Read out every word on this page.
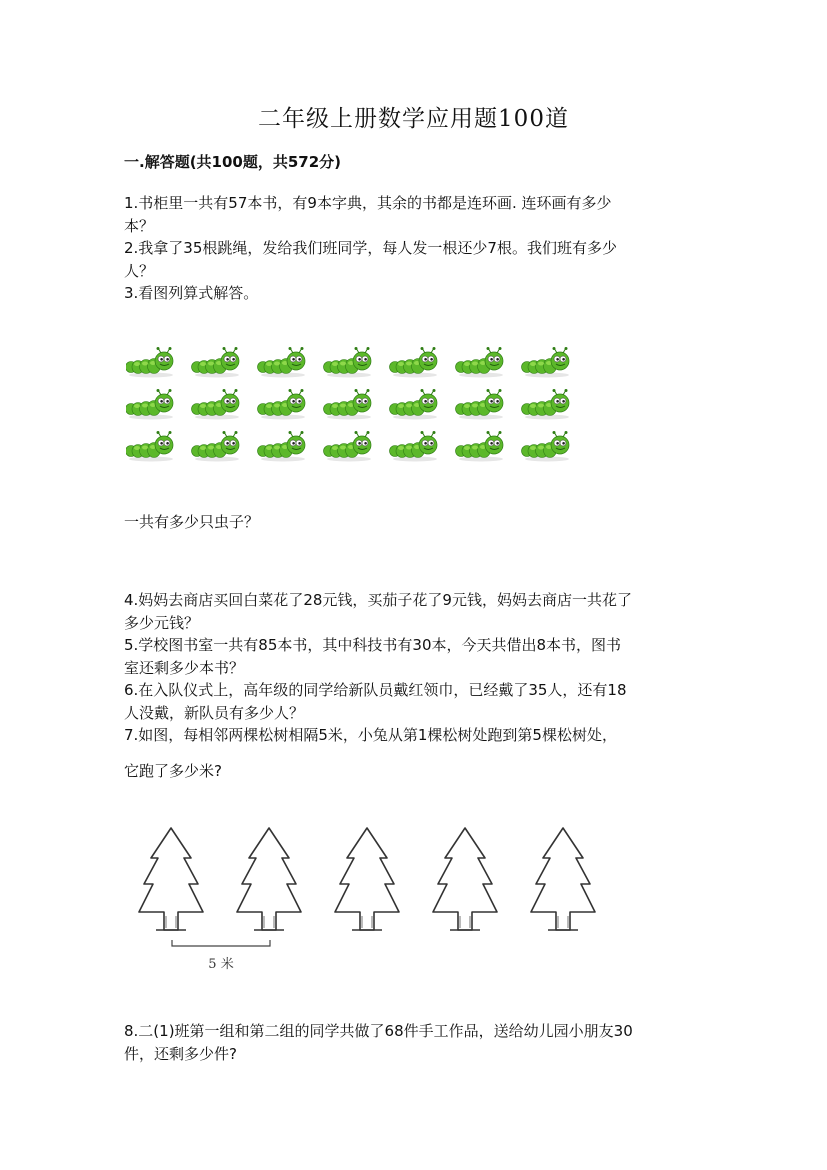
二年级上册数学应用题100道
一.解答题(共100题，共572分)
1.书柜里一共有57本书，有9本字典，其余的书都是连环画. 连环画有多少
本？
2.我拿了35根跳绳，发给我们班同学，每人发一根还少7根。我们班有多少
人？
3.看图列算式解答。
一共有多少只虫子？
4.妈妈去商店买回白菜花了28元钱，买茄子花了9元钱，妈妈去商店一共花了
多少元钱？
5.学校图书室一共有85本书，其中科技书有30本，今天共借出8本书，图书
室还剩多少本书？
6.在入队仪式上，高年级的同学给新队员戴红领巾，已经戴了35人，还有18
人没戴，新队员有多少人？
7.如图，每相邻两棵松树相隔5米，小兔从第1棵松树处跑到第5棵松树处，
它跑了多少米?
5 米
8.二(1)班第一组和第二组的同学共做了68件手工作品，送给幼儿园小朋友30
件，还剩多少件?
